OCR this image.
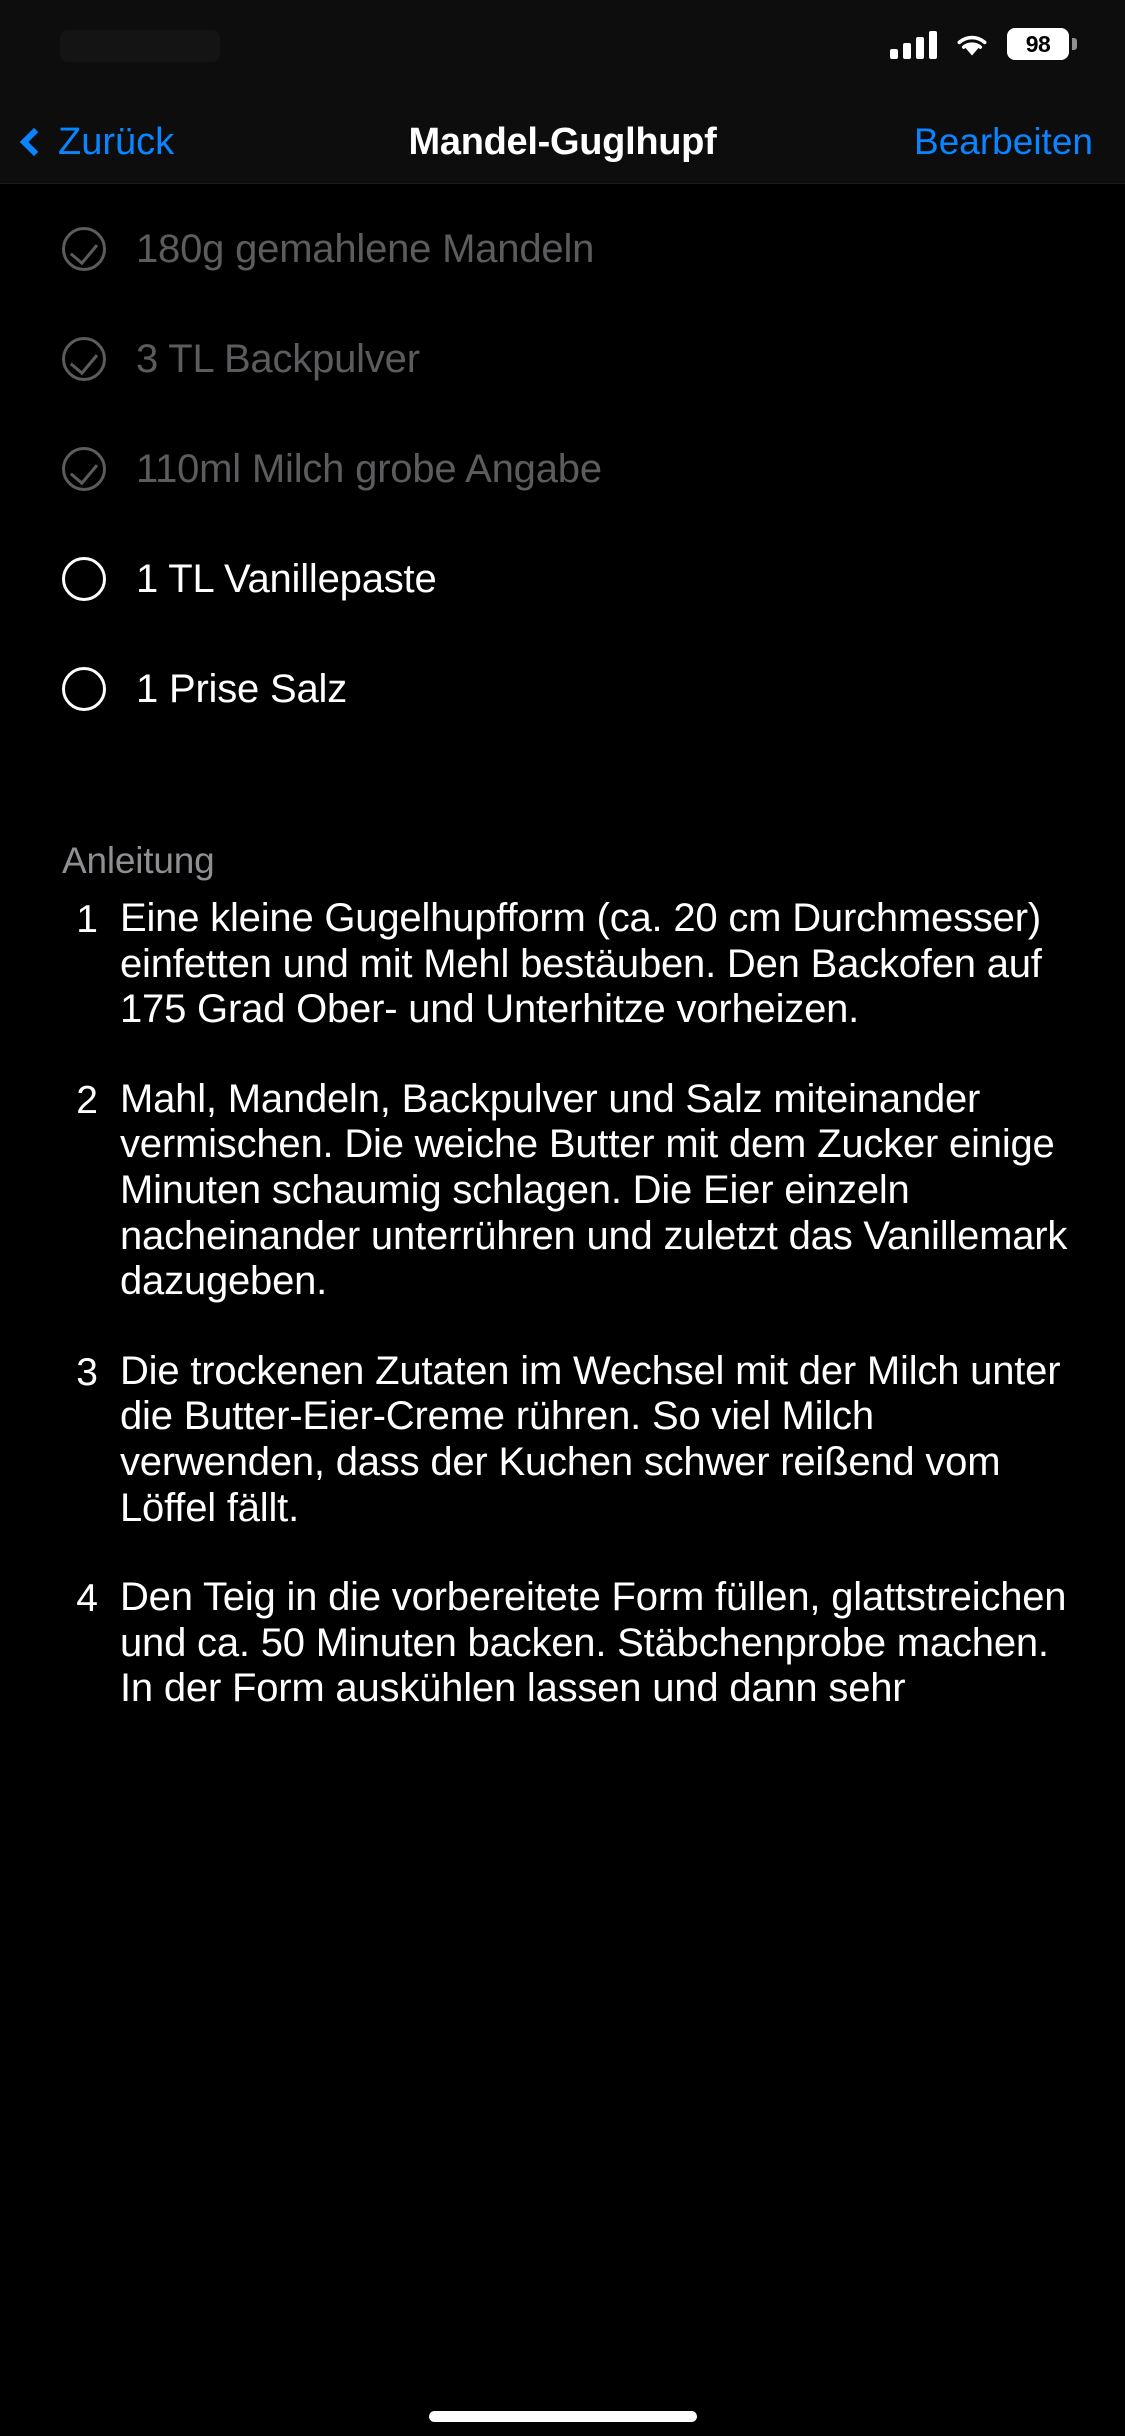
98
Mandel-Guglhupf
Zurück	Bearbeiten
180g gemahlene Mandeln
3 TL Backpulver
110ml Milch grobe Angabe
1 TL Vanillepaste
1 Prise Salz
Anleitung
1 Eine kleine Gugelhupfform (ca. 20 cm Durchmesser) einfetten und mit Mehl bestäuben. Den Backofen auf 175 Grad Ober- und Unterhitze vorheizen.
2 Mahl, Mandeln, Backpulver und Salz miteinander vermischen. Die weiche Butter mit dem Zucker einige Minuten schaumig schlagen. Die Eier einzeln nacheinander unterrühren und zuletzt das Vanillemark dazugeben.
3 Die trockenen Zutaten im Wechsel mit der Milch unter die Butter-Eier-Creme rühren. So viel Milch verwenden, dass der Kuchen schwer reißend vom Löffel fällt.
4 Den Teig in die vorbereitete Form füllen, glattstreichen und ca. 50 Minuten backen. Stäbchenprobe machen. In der Form auskühlen lassen und dann sehr
